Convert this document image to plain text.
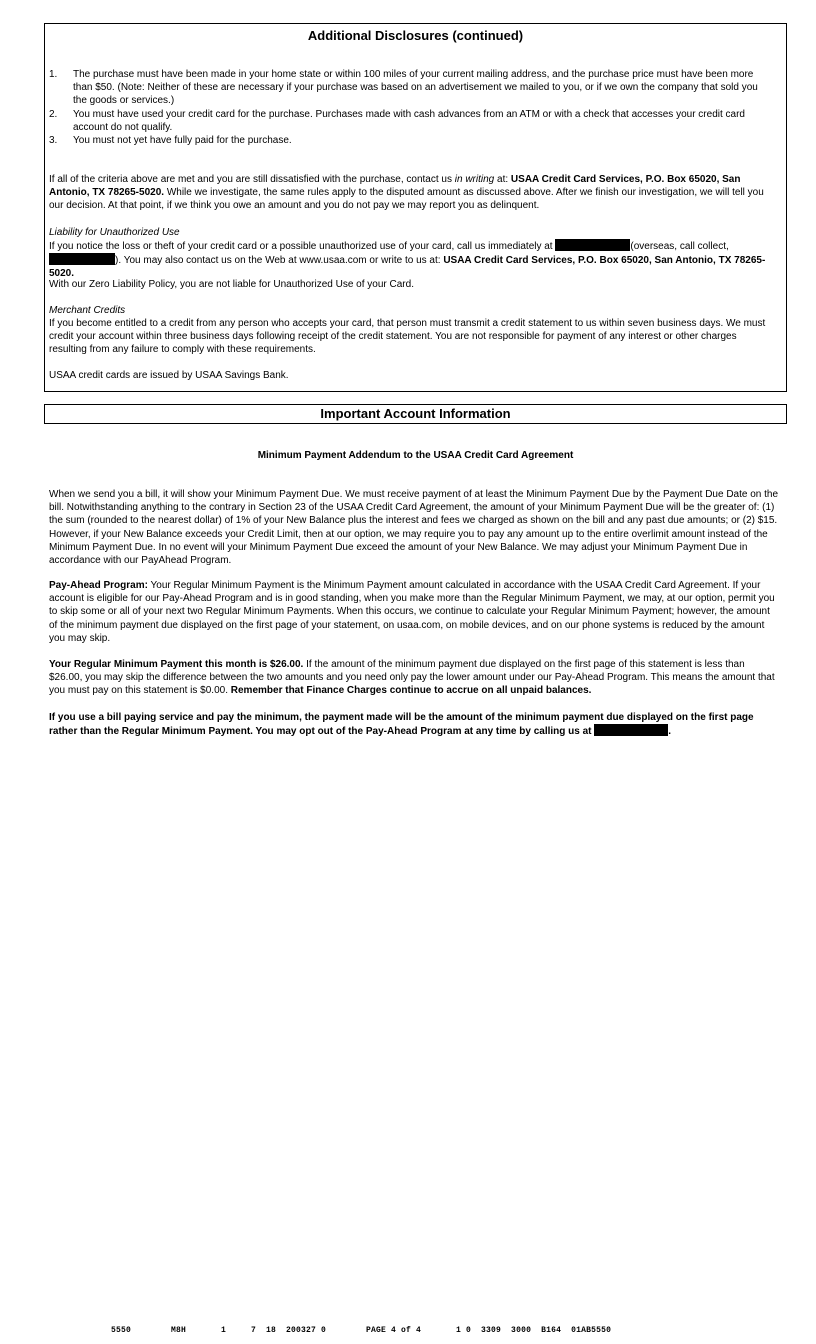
Additional Disclosures (continued)
1.	The purchase must have been made in your home state or within 100 miles of your current mailing address, and the purchase price must have been more than $50. (Note: Neither of these are necessary if your purchase was based on an advertisement we mailed to you, or if we own the company that sold you the goods or services.)
2.	You must have used your credit card for the purchase. Purchases made with cash advances from an ATM or with a check that accesses your credit card account do not qualify.
3.	You must not yet have fully paid for the purchase.
If all of the criteria above are met and you are still dissatisfied with the purchase, contact us in writing at: USAA Credit Card Services, P.O. Box 65020, San Antonio, TX 78265-5020. While we investigate, the same rules apply to the disputed amount as discussed above. After we finish our investigation, we will tell you our decision. At that point, if we think you owe an amount and you do not pay we may report you as delinquent.
Liability for Unauthorized Use
If you notice the loss or theft of your credit card or a possible unauthorized use of your card, call us immediately at	(overseas, call collect, ). You may also contact us on the Web at www.usaa.com or write to us at: USAA Credit Card Services, P.O. Box 65020, San Antonio, TX 78265-5020.
With our Zero Liability Policy, you are not liable for Unauthorized Use of your Card.
Merchant Credits
If you become entitled to a credit from any person who accepts your card, that person must transmit a credit statement to us within seven business days. We must credit your account within three business days following receipt of the credit statement. You are not responsible for payment of any interest or other charges resulting from any failure to comply with these requirements.
USAA credit cards are issued by USAA Savings Bank.
Important Account Information
Minimum Payment Addendum to the USAA Credit Card Agreement
When we send you a bill, it will show your Minimum Payment Due. We must receive payment of at least the Minimum Payment Due by the Payment Due Date on the bill. Notwithstanding anything to the contrary in Section 23 of the USAA Credit Card Agreement, the amount of your Minimum Payment Due will be the greater of: (1) the sum (rounded to the nearest dollar) of 1% of your New Balance plus the interest and fees we charged as shown on the bill and any past due amounts; or (2) $15. However, if your New Balance exceeds your Credit Limit, then at our option, we may require you to pay any amount up to the entire overlimit amount instead of the Minimum Payment Due. In no event will your Minimum Payment Due exceed the amount of your New Balance. We may adjust your Minimum Payment Due in accordance with our PayAhead Program.
Pay-Ahead Program: Your Regular Minimum Payment is the Minimum Payment amount calculated in accordance with the USAA Credit Card Agreement. If your account is eligible for our Pay-Ahead Program and is in good standing, when you make more than the Regular Minimum Payment, we may, at our option, permit you to skip some or all of your next two Regular Minimum Payments. When this occurs, we continue to calculate your Regular Minimum Payment; however, the amount of the minimum payment due displayed on the first page of your statement, on usaa.com, on mobile devices, and on our phone systems is reduced by the amount you may skip.
Your Regular Minimum Payment this month is $26.00. If the amount of the minimum payment due displayed on the first page of this statement is less than $26.00, you may skip the difference between the two amounts and you need only pay the lower amount under our Pay-Ahead Program. This means the amount that you must pay on this statement is $0.00. Remember that Finance Charges continue to accrue on all unpaid balances.
If you use a bill paying service and pay the minimum, the payment made will be the amount of the minimum payment due displayed on the first page rather than the Regular Minimum Payment. You may opt out of the Pay-Ahead Program at any time by calling us at	.
5550        M8H       1     7  18  200327 0        PAGE 4 of 4       1 0  3309  3000  B164  01AB5550
